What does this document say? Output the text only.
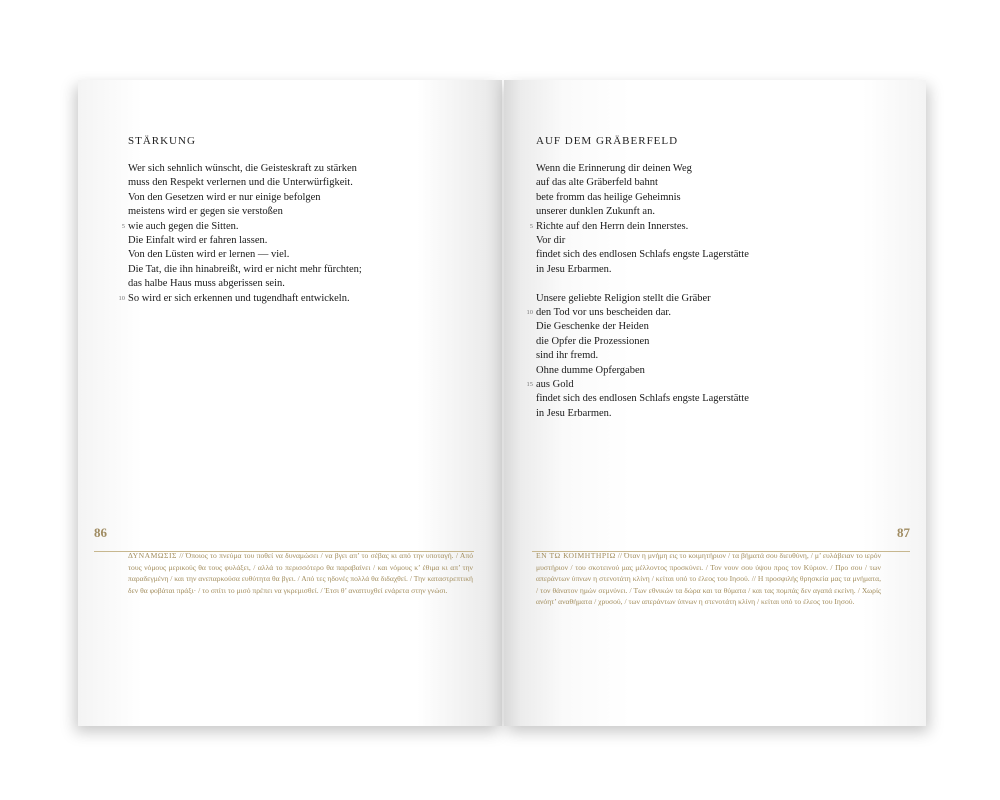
STÄRKUNG
Wer sich sehnlich wünscht, die Geisteskraft zu stärken
muss den Respekt verlernen und die Unterwürfigkeit.
Von den Gesetzen wird er nur einige befolgen
meistens wird er gegen sie verstoßen
5 wie auch gegen die Sitten.
Die Einfalt wird er fahren lassen.
Von den Lüsten wird er lernen — viel.
Die Tat, die ihn hinabreißt, wird er nicht mehr fürchten;
das halbe Haus muss abgerissen sein.
10 So wird er sich erkennen und tugendhaft entwickeln.
86
ΔΥΝΑΜΩΣΙΣ // Όποιος το πνεύμα του ποθεί να δυναμώσει / να βγει απ’ το σέβας κι από την υποταγή. / Από τους νόμους μερικούς θα τους φυλάξει, / αλλά το περισσότερο θα παραβαίνει / και νόμους κ’ έθιμα κι απ’ την παραδεγμένη / και την ανεπαρκούσα ευθύτητα θα βγει. / Από τες ηδονές πολλά θα διδαχθεί. / Την καταστρεπτική δεν θα φοβάται πράξι· / το σπίτι το μισό πρέπει να γκρεμισθεί. / Έτσι θ’ αναπτυχθεί ενάρετα στην γνώσι.
AUF DEM GRÄBERFELD
Wenn die Erinnerung dir deinen Weg
auf das alte Gräberfeld bahnt
bete fromm das heilige Geheimnis
unserer dunklen Zukunft an.
5 Richte auf den Herrn dein Innerstes.
Vor dir
findet sich des endlosen Schlafs engste Lagerstätte
in Jesu Erbarmen.
Unsere geliebte Religion stellt die Gräber
10 den Tod vor uns bescheiden dar.
Die Geschenke der Heiden
die Opfer die Prozessionen
sind ihr fremd.
Ohne dumme Opfergaben
15 aus Gold
findet sich des endlosen Schlafs engste Lagerstätte
in Jesu Erbarmen.
87
ΕΝ ΤΩ ΚΟΙΜΗΤΗΡΙΩ // Όταν η μνήμη εις το κοιμητήριον / τα βήματά σου διευθύνη, / μ’ ευλάβειαν το ιερόν μυστήριον / του σκοτεινού μας μέλλοντος προσκύνει. / Τον νουν σου ύψου προς τον Κύριον. / Προ σου / των απεράντων ύπνων η στενοτάτη κλίνη / κείται υπό το έλεος του Ιησού. // Η προσφιλής θρησκεία μας τα μνήματα, / τον θάνατον ημών σεμνύνει. / Των εθνικών τα δώρα και τα θύματα / και τας πομπάς δεν αγαπά εκείνη. / Χωρίς ανόητ’ αναθήματα / χρυσού, / των απεράντων ύπνων η στενοτάτη κλίνη / κείται υπό το έλεος του Ιησού.
